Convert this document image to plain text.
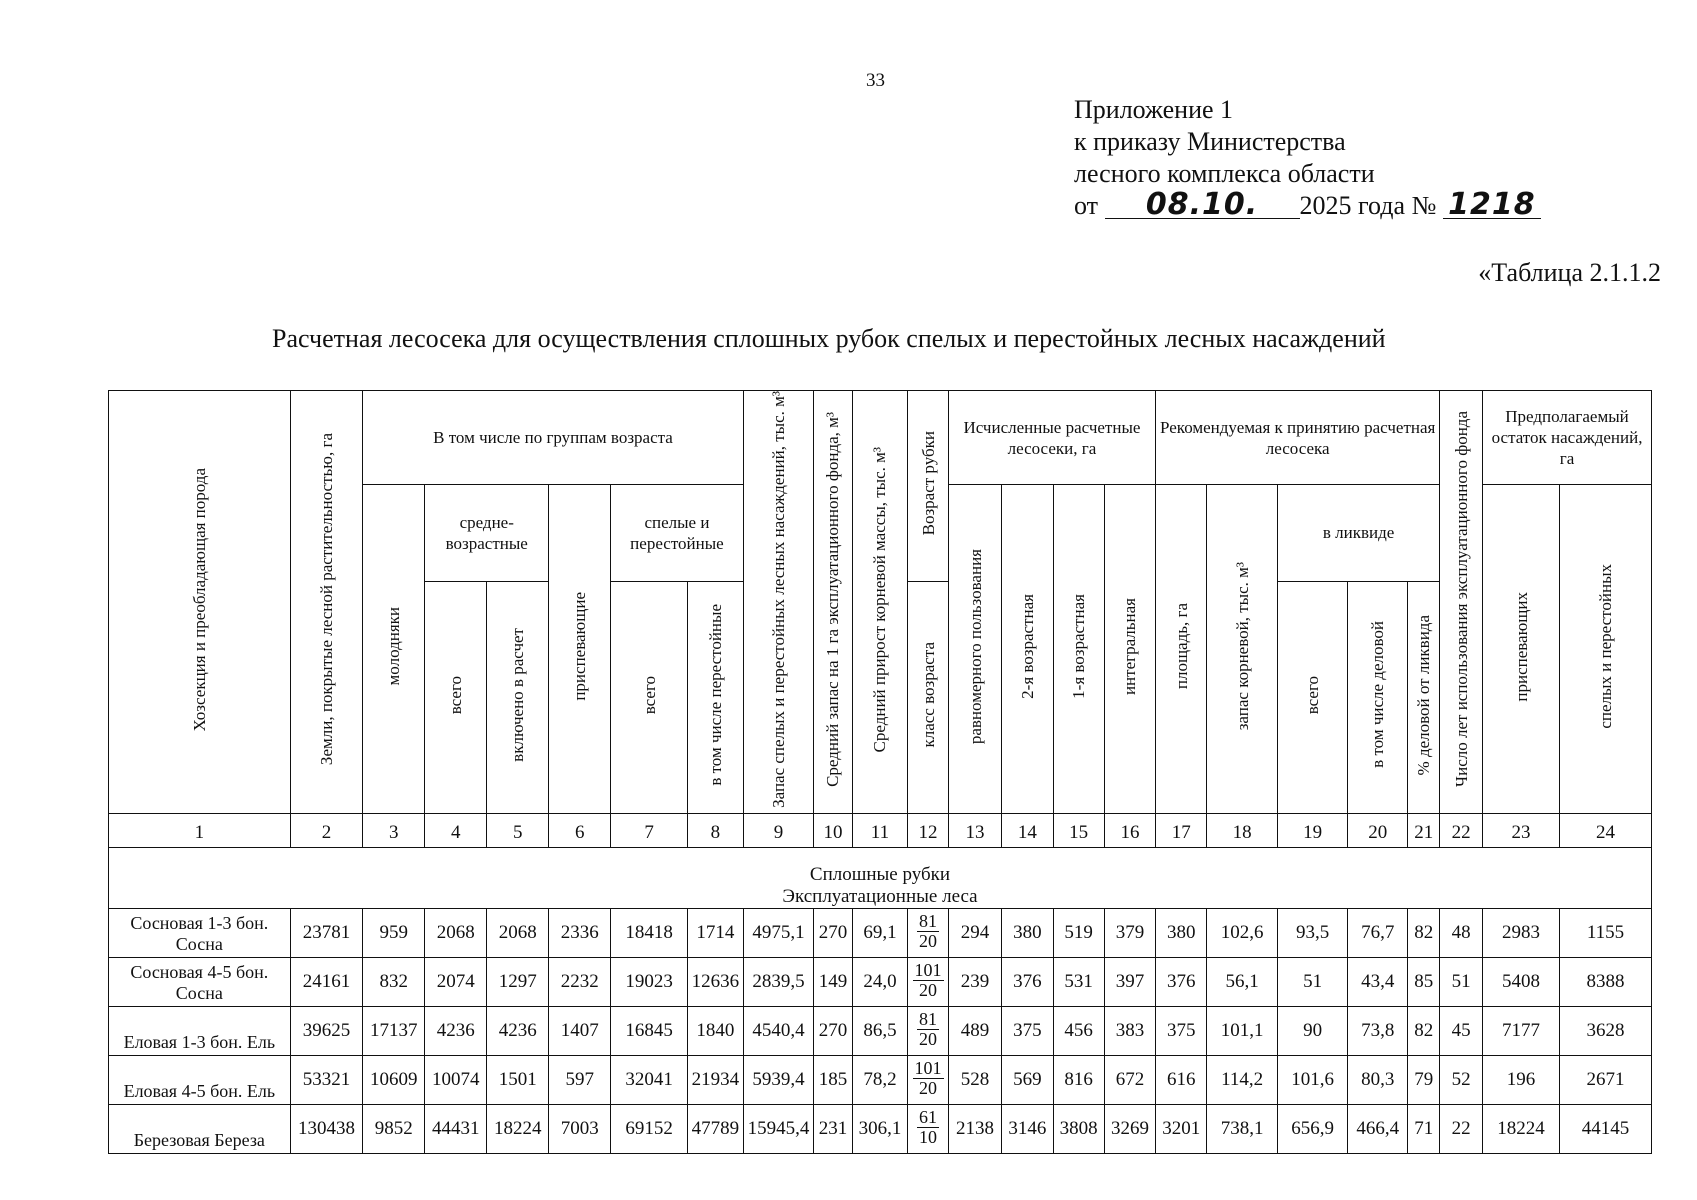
33
Приложение 1
к приказу Министерства
лесного комплекса области
от 08.10. 2025 года № 1218
«Таблица 2.1.1.2
Расчетная лесосека для осуществления сплошных рубок спелых и перестойных лесных насаждений
Хозсекция и преобладающая порода	Земли, покрытые лесной растительностью, га	В том числе по группам возраста						Запас спелых и перестойных лесных насаждений, тыс. м³	Средний запас на 1 га эксплуатационного фонда, м³	Средний прирост корневой массы, тыс. м³	Возраст рубки	Исчисленные расчетные лесосеки, га				Рекомендуемая к принятию расчетная лесосека					Число лет использования эксплуатационного фонда	Предполагаемый остаток насаждений, га	
		молодняки	средне-возрастные		приспевающие	спелые и перестойные						равномерного пользования	2-я возрастная	1-я возрастная	интегральная	площадь, га	запас корневой, тыс. м³	в ликвиде				приспевающих	спелых и перестойных
			всего	включено в расчет		всего	в том числе перестойные				класс возраста							всего	в том числе деловой	% деловой от ликвида			
1	2	3	4	5	6	7	8	9	10	11	12	13	14	15	16	17	18	19	20	21	22	23	24

Сплошные рубки
Эксплуатационные леса																							

Сосновая 1-3 бон. Сосна	23781	959	2068	2068	2336	18418	1714	4975,1	270	69,1	$\frac{81}{20}$	294	380	519	379	380	102,6	93,5	76,7	82	48	2983	1155
Сосновая 4-5 бон. Сосна	24161	832	2074	1297	2232	19023	12636	2839,5	149	24,0	$\frac{101}{20}$	239	376	531	397	376	56,1	51	43,4	85	51	5408	8388
Еловая 1-3 бон. Ель	39625	17137	4236	4236	1407	16845	1840	4540,4	270	86,5	$\frac{81}{20}$	489	375	456	383	375	101,1	90	73,8	82	45	7177	3628
Еловая 4-5 бон. Ель	53321	10609	10074	1501	597	32041	21934	5939,4	185	78,2	$\frac{101}{20}$	528	569	816	672	616	114,2	101,6	80,3	79	52	196	2671
Березовая Береза	130438	9852	44431	18224	7003	69152	47789	15945,4	231	306,1	$\frac{61}{10}$	2138	3146	3808	3269	3201	738,1	656,9	466,4	71	22	18224	44145
